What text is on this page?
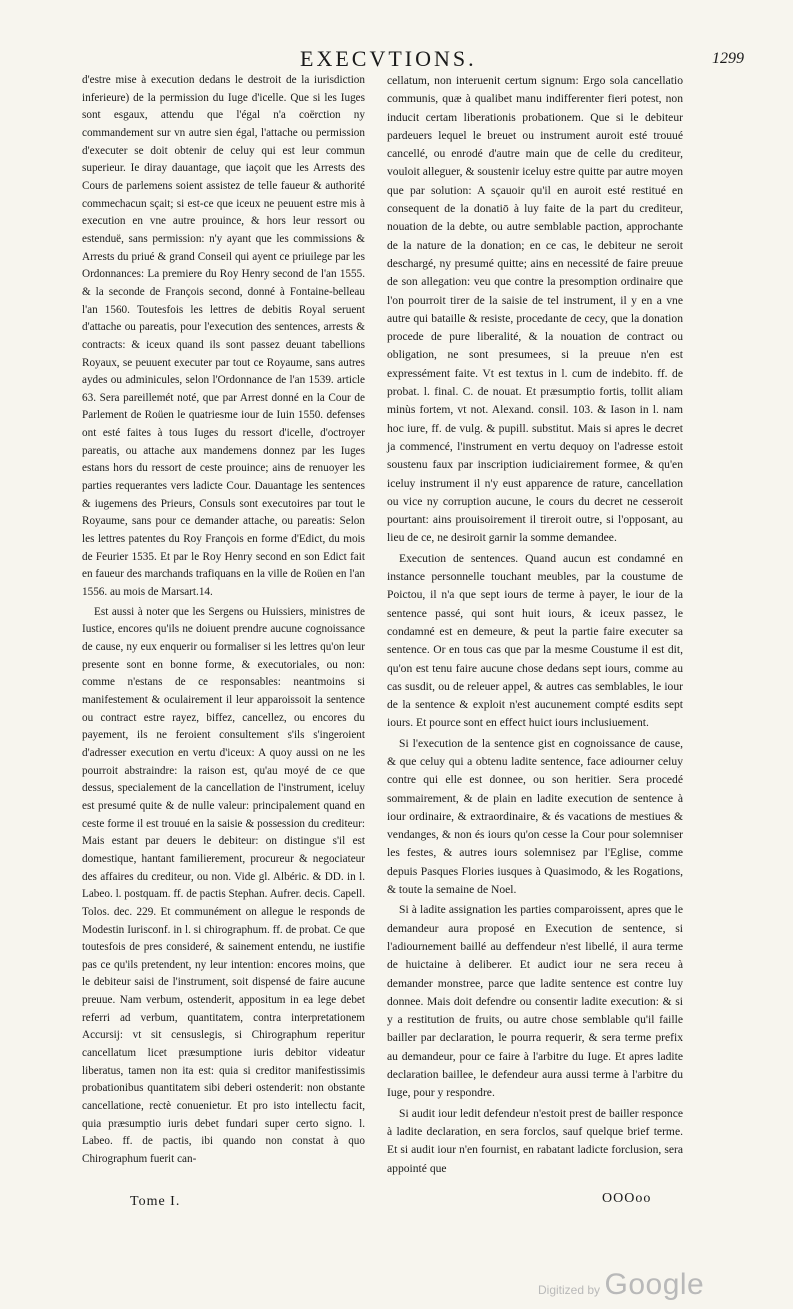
EXECVTIONS.	1299

d'estre mise à execution dedans le destroit de la iurisdiction inferieure) de la permission du Iuge d'icelle. Que si les Iuges sont esgaux, attendu que l'égal n'a coërction ny commandement sur vn autre sien égal, l'attache ou permission d'executer se doit obtenir de celuy qui est leur commun superieur. Ie diray dauantage, que iaçoit que les Arrests des Cours de parlemens soient assistez de telle faueur & authorité commechacun sçait; si est-ce que iceux ne peuuent estre mis à execution en vne autre prouince, & hors leur ressort ou estenduë, sans permission: n'y ayant que les commissions & Arrests du priué & grand Conseil qui ayent ce priuilege par les Ordonnances: La premiere du Roy Henry second de l'an 1555. & la seconde de François second, donné à Fontaine-belleau l'an 1560. Toutesfois les lettres de debitis Royal seruent d'attache ou pareatis, pour l'execution des sentences, arrests & contracts: & iceux quand ils sont passez deuant tabellions Royaux, se peuuent executer par tout ce Royaume, sans autres aydes ou adminicules, selon l'Ordonnance de l'an 1539. article 63. Sera pareillemét noté, que par Arrest donné en la Cour de Parlement de Roüen le quatriesme iour de Iuin 1550. defenses ont esté faites à tous Iuges du ressort d'icelle, d'octroyer pareatis, ou attache aux mandemens donnez par les Iuges estans hors du ressort de ceste prouince; ains de renuoyer les parties requerantes vers ladicte Cour. Dauantage les sentences & iugemens des Prieurs, Consuls sont executoires par tout le Royaume, sans pour ce demander attache, ou pareatis: Selon les lettres patentes du Roy François en forme d'Edict, du mois de Feurier 1535. Et par le Roy Henry second en son Edict fait en faueur des marchands trafiquans en la ville de Roüen en l'an 1556. au mois de Marsart.14.

Est aussi à noter que les Sergens ou Huissiers, ministres de Iustice, encores qu'ils ne doiuent prendre aucune cognoissance de cause, ny eux enquerir ou formaliser si les lettres qu'on leur presente sont en bonne forme, & executoriales, ou non: comme n'estans de ce responsables: neantmoins si manifestement & oculairement il leur apparoissoit la sentence ou contract estre rayez, biffez, cancellez, ou encores du payement, ils ne feroient consultement s'ils s'ingeroient d'adresser execution en vertu d'iceux: A quoy aussi on ne les pourroit abstraindre: la raison est, qu'au moyé de ce que dessus, specialement de la cancellation de l'instrument, iceluy est presumé quite & de nulle valeur: principalement quand en ceste forme il est trouué en la saisie & possession du crediteur: Mais estant par deuers le debiteur: on distingue s'il est domestique, hantant familierement, procureur & negociateur des affaires du crediteur, ou non. Vide gl. Albéric. & DD. in l. Labeo. l. postquam. ff. de pactis Stephan. Aufrer. decis. Capell. Tolos. dec. 229. Et communément on allegue le responds de Modestin Iurisconf. in l. si chirographum. ff. de probat. Ce que toutesfois de pres consideré, & sainement entendu, ne iustifie pas ce qu'ils pretendent, ny leur intention: encores moins, que le debiteur saisi de l'instrument, soit dispensé de faire aucune preuue. Nam verbum, ostenderit, appositum in ea lege debet referri ad verbum, quantitatem, contra interpretationem Accursij: vt sit censuslegis, si Chirographum reperitur cancellatum licet præsumptione iuris debitor videatur liberatus, tamen non ita est: quia si creditor manifestissimis probationibus quantitatem sibi deberi ostenderit: non obstante cancellatione, rectè conuenietur. Et pro isto intellectu facit, quia præsumptio iuris debet fundari super certo signo. l. Labeo. ff. de pactis, ibi quando non constat à quo Chirographum fuerit can-

cellatum, non interuenit certum signum: Ergo sola cancellatio communis, quæ à qualibet manu indifferenter fieri potest, non inducit certam liberationis probationem. Que si le debiteur pardeuers lequel le breuet ou instrument auroit esté trouué cancellé, ou enrodé d'autre main que de celle du crediteur, vouloit alleguer, & soustenir iceluy estre quitte par autre moyen que par solution: A sçauoir qu'il en auroit esté restitué en consequent de la donatiō à luy faite de la part du crediteur, nouation de la debte, ou autre semblable paction, approchante de la nature de la donation; en ce cas, le debiteur ne seroit deschargé, ny presumé quitte; ains en necessité de faire preuue de son allegation: veu que contre la presomption ordinaire que l'on pourroit tirer de la saisie de tel instrument, il y en a vne autre qui bataille & resiste, procedante de cecy, que la donation procede de pure liberalité, & la nouation de contract ou obligation, ne sont presumees, si la preuue n'en est expressément faite. Vt est textus in l. cum de indebito. ff. de probat. l. final. C. de nouat. Et præsumptio fortis, tollit aliam minùs fortem, vt not. Alexand. consil. 103. & Iason in l. nam hoc iure, ff. de vulg. & pupill. substitut. Mais si apres le decret ja commencé, l'instrument en vertu dequoy on l'adresse estoit soustenu faux par inscription iudiciairement formee, & qu'en iceluy instrument il n'y eust apparence de rature, cancellation ou vice ny corruption aucune, le cours du decret ne cesseroit pourtant: ains prouisoirement il tireroit outre, si l'opposant, au lieu de ce, ne desiroit garnir la somme demandee.

Execution de sentences. Quand aucun est condamné en instance personnelle touchant meubles, par la coustume de Poictou, il n'a que sept iours de terme à payer, le iour de la sentence passé, qui sont huit iours, & iceux passez, le condamné est en demeure, & peut la partie faire executer sa sentence. Or en tous cas que par la mesme Coustume il est dit, qu'on est tenu faire aucune chose dedans sept iours, comme au cas susdit, ou de releuer appel, & autres cas semblables, le iour de la sentence & exploit n'est aucunement compté esdits sept iours. Et pource sont en effect huict iours inclusiuement.

Si l'execution de la sentence gist en cognoissance de cause, & que celuy qui a obtenu ladite sentence, face adiourner celuy contre qui elle est donnee, ou son heritier. Sera procedé sommairement, & de plain en ladite execution de sentence à iour ordinaire, & extraordinaire, & és vacations de mestiues & vendanges, & non és iours qu'on cesse la Cour pour solemniser les festes, & autres iours solemnisez par l'Eglise, comme depuis Pasques Flories iusques à Quasimodo, & les Rogations, & toute la semaine de Noel.

Si à ladite assignation les parties comparoissent, apres que le demandeur aura proposé en Execution de sentence, si l'adiournement baillé au deffendeur n'est libellé, il aura terme de huictaine à deliberer. Et audict iour ne sera receu à demander monstree, parce que ladite sentence est contre luy donnee. Mais doit defendre ou consentir ladite execution: & si y a restitution de fruits, ou autre chose semblable qu'il faille bailler par declaration, le pourra requerir, & sera terme prefix au demandeur, pour ce faire à l'arbitre du Iuge. Et apres ladite declaration baillee, le defendeur aura aussi terme à l'arbitre du Iuge, pour y respondre.

Si audit iour ledit defendeur n'estoit prest de bailler responce à ladite declaration, en sera forclos, sauf quelque brief terme. Et si audit iour n'en fournist, en rabatant ladicte forclusion, sera appointé que

Tome I.	OOOoo
Digitized by Google
